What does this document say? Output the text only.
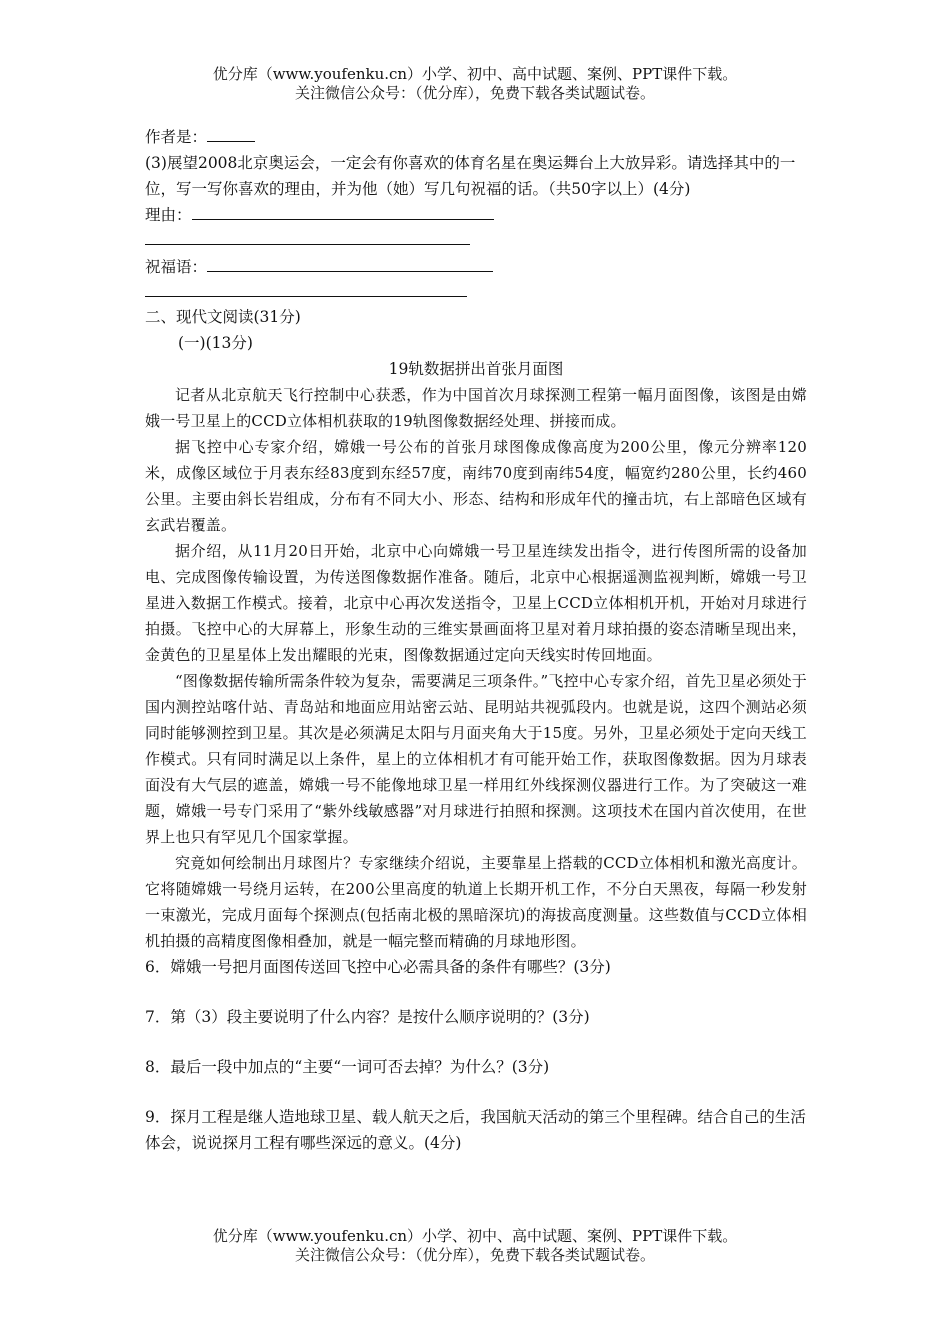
优分库（www.youfenku.cn）小学、初中、高中试题、案例、PPT课件下载。
关注微信公众号：（优分库），免费下载各类试题试卷。
作者是：

(3)展望2008北京奥运会，一定会有你喜欢的体育名星在奥运舞台上大放异彩。请选择其中的一位，写一写你喜欢的理由，并为他（她）写几句祝福的话。（共50字以上）(4分)

理由：
祝福语：
二、现代文阅读(31分)
(一)(13分)

19轨数据拼出首张月面图

记者从北京航天飞行控制中心获悉，作为中国首次月球探测工程第一幅月面图像，该图是由嫦娥一号卫星上的CCD立体相机获取的19轨图像数据经处理、拼接而成。

据飞控中心专家介绍，嫦娥一号公布的首张月球图像成像高度为200公里，像元分辨率120米，成像区域位于月表东经83度到东经57度，南纬70度到南纬54度，幅宽约280公里，长约460公里。主要由斜长岩组成，分布有不同大小、形态、结构和形成年代的撞击坑，右上部暗色区域有玄武岩覆盖。

据介绍，从11月20日开始，北京中心向嫦娥一号卫星连续发出指令，进行传图所需的设备加电、完成图像传输设置，为传送图像数据作准备。随后，北京中心根据遥测监视判断，嫦娥一号卫星进入数据工作模式。接着，北京中心再次发送指令，卫星上CCD立体相机开机，开始对月球进行拍摄。飞控中心的大屏幕上，形象生动的三维实景画面将卫星对着月球拍摄的姿态清晰呈现出来，金黄色的卫星星体上发出耀眼的光束，图像数据通过定向天线实时传回地面。

“图像数据传输所需条件较为复杂，需要满足三项条件。”飞控中心专家介绍，首先卫星必须处于国内测控站喀什站、青岛站和地面应用站密云站、昆明站共视弧段内。也就是说，这四个测站必须同时能够测控到卫星。其次是必须满足太阳与月面夹角大于15度。另外，卫星必须处于定向天线工作模式。只有同时满足以上条件，星上的立体相机才有可能开始工作，获取图像数据。因为月球表面没有大气层的遮盖，嫦娥一号不能像地球卫星一样用红外线探测仪器进行工作。为了突破这一难题，嫦娥一号专门采用了“紫外线敏感器”对月球进行拍照和探测。这项技术在国内首次使用，在世界上也只有罕见几个国家掌握。

究竟如何绘制出月球图片？专家继续介绍说，主要靠星上搭载的CCD立体相机和激光高度计。它将随嫦娥一号绕月运转，在200公里高度的轨道上长期开机工作，不分白天黑夜，每隔一秒发射一束激光，完成月面每个探测点(包括南北极的黑暗深坑)的海拔高度测量。这些数值与CCD立体相机拍摄的高精度图像相叠加，就是一幅完整而精确的月球地形图。

6．嫦娥一号把月面图传送回飞控中心必需具备的条件有哪些？(3分)

7．第（3）段主要说明了什么内容？是按什么顺序说明的？(3分)

8．最后一段中加点的“主要“一词可否去掉？为什么？(3分)

9．探月工程是继人造地球卫星、载人航天之后，我国航天活动的第三个里程碑。结合自己的生活体会，说说探月工程有哪些深远的意义。(4分)

优分库（www.youfenku.cn）小学、初中、高中试题、案例、PPT课件下载。
关注微信公众号：（优分库），免费下载各类试题试卷。
